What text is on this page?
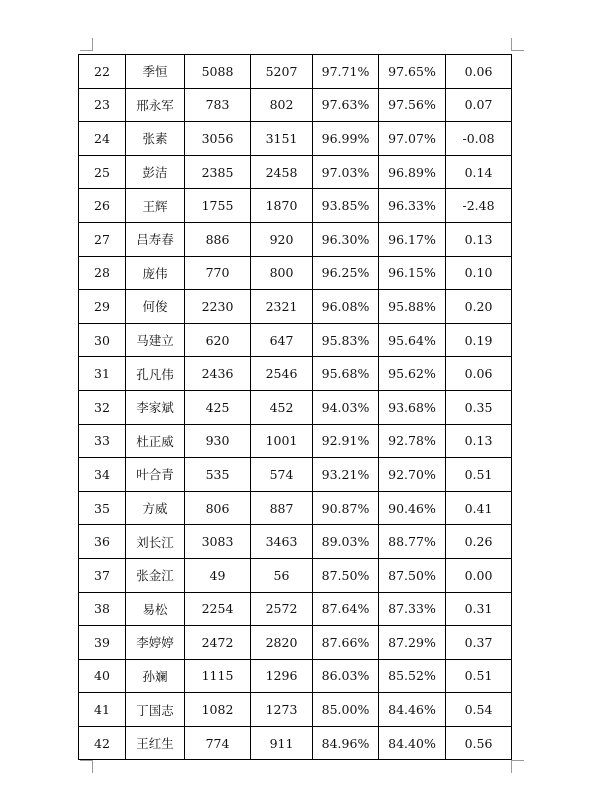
22	季恒	5088	5207	97.71%	97.65%	0.06
23	邢永军	783	802	97.63%	97.56%	0.07
24	张素	3056	3151	96.99%	97.07%	-0.08
25	彭洁	2385	2458	97.03%	96.89%	0.14
26	王辉	1755	1870	93.85%	96.33%	-2.48
27	吕寿春	886	920	96.30%	96.17%	0.13
28	庞伟	770	800	96.25%	96.15%	0.10
29	何俊	2230	2321	96.08%	95.88%	0.20
30	马建立	620	647	95.83%	95.64%	0.19
31	孔凡伟	2436	2546	95.68%	95.62%	0.06
32	李家斌	425	452	94.03%	93.68%	0.35
33	杜正威	930	1001	92.91%	92.78%	0.13
34	叶合青	535	574	93.21%	92.70%	0.51
35	方威	806	887	90.87%	90.46%	0.41
36	刘长江	3083	3463	89.03%	88.77%	0.26
37	张金江	49	56	87.50%	87.50%	0.00
38	易松	2254	2572	87.64%	87.33%	0.31
39	李婷婷	2472	2820	87.66%	87.29%	0.37
40	孙斓	1115	1296	86.03%	85.52%	0.51
41	丁国志	1082	1273	85.00%	84.46%	0.54
42	王红生	774	911	84.96%	84.40%	0.56
